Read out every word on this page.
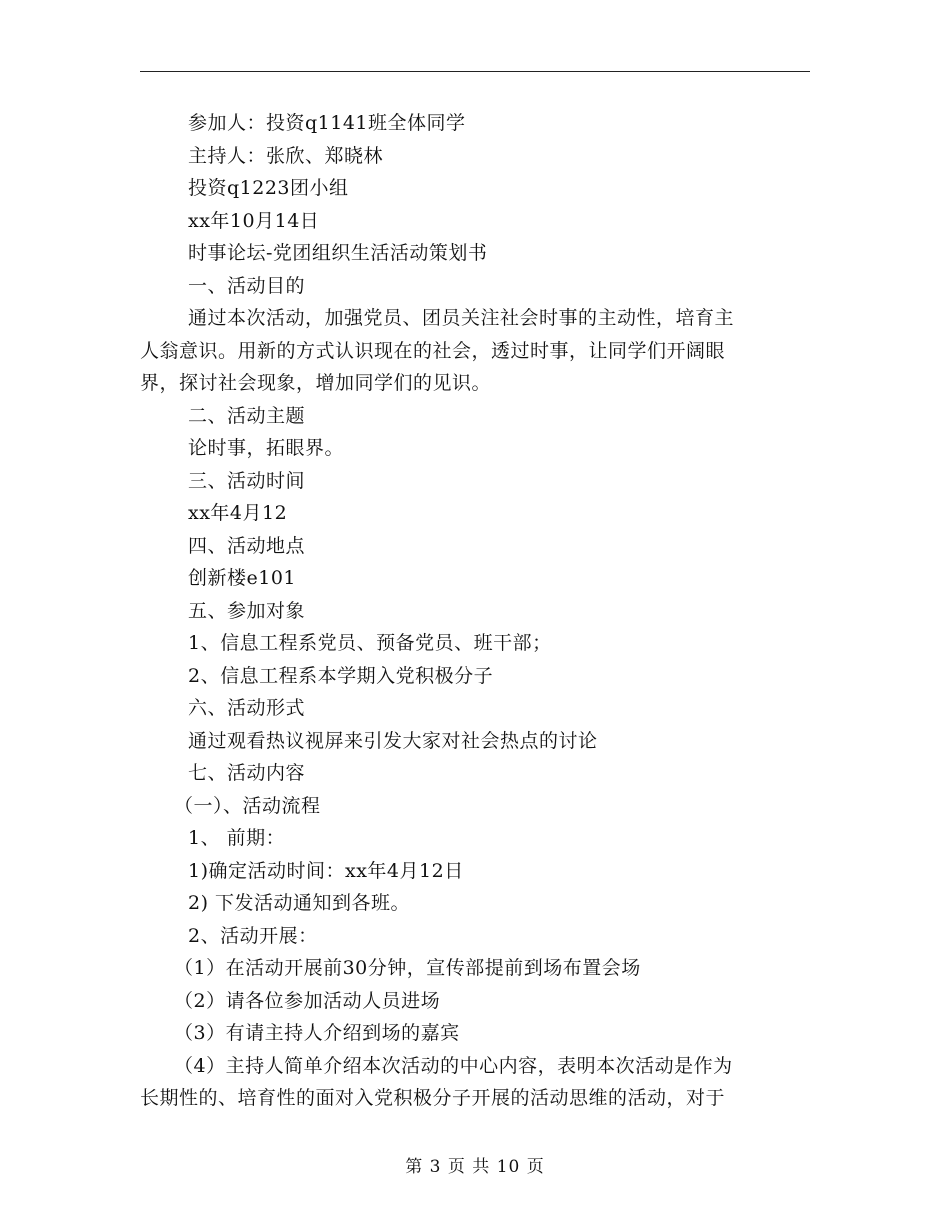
参加人：投资q1141班全体同学
主持人：张欣、郑晓林
投资q1223团小组
xx年10月14日
时事论坛-党团组织生活活动策划书
一、活动目的
通过本次活动，加强党员、团员关注社会时事的主动性，培育主
人翁意识。用新的方式认识现在的社会，透过时事，让同学们开阔眼
界，探讨社会现象，增加同学们的见识。
二、活动主题
论时事，拓眼界。
三、活动时间
xx年4月12
四、活动地点
创新楼e101
五、参加对象
1、信息工程系党员、预备党员、班干部；
2、信息工程系本学期入党积极分子
六、活动形式
通过观看热议视屏来引发大家对社会热点的讨论
七、活动内容
（一）、活动流程
1、 前期：
1)确定活动时间：xx年4月12日
2) 下发活动通知到各班。
2、活动开展：
（1）在活动开展前30分钟，宣传部提前到场布置会场
（2）请各位参加活动人员进场
（3）有请主持人介绍到场的嘉宾
（4）主持人简单介绍本次活动的中心内容，表明本次活动是作为
长期性的、培育性的面对入党积极分子开展的活动思维的活动，对于
第 3 页 共 10 页
